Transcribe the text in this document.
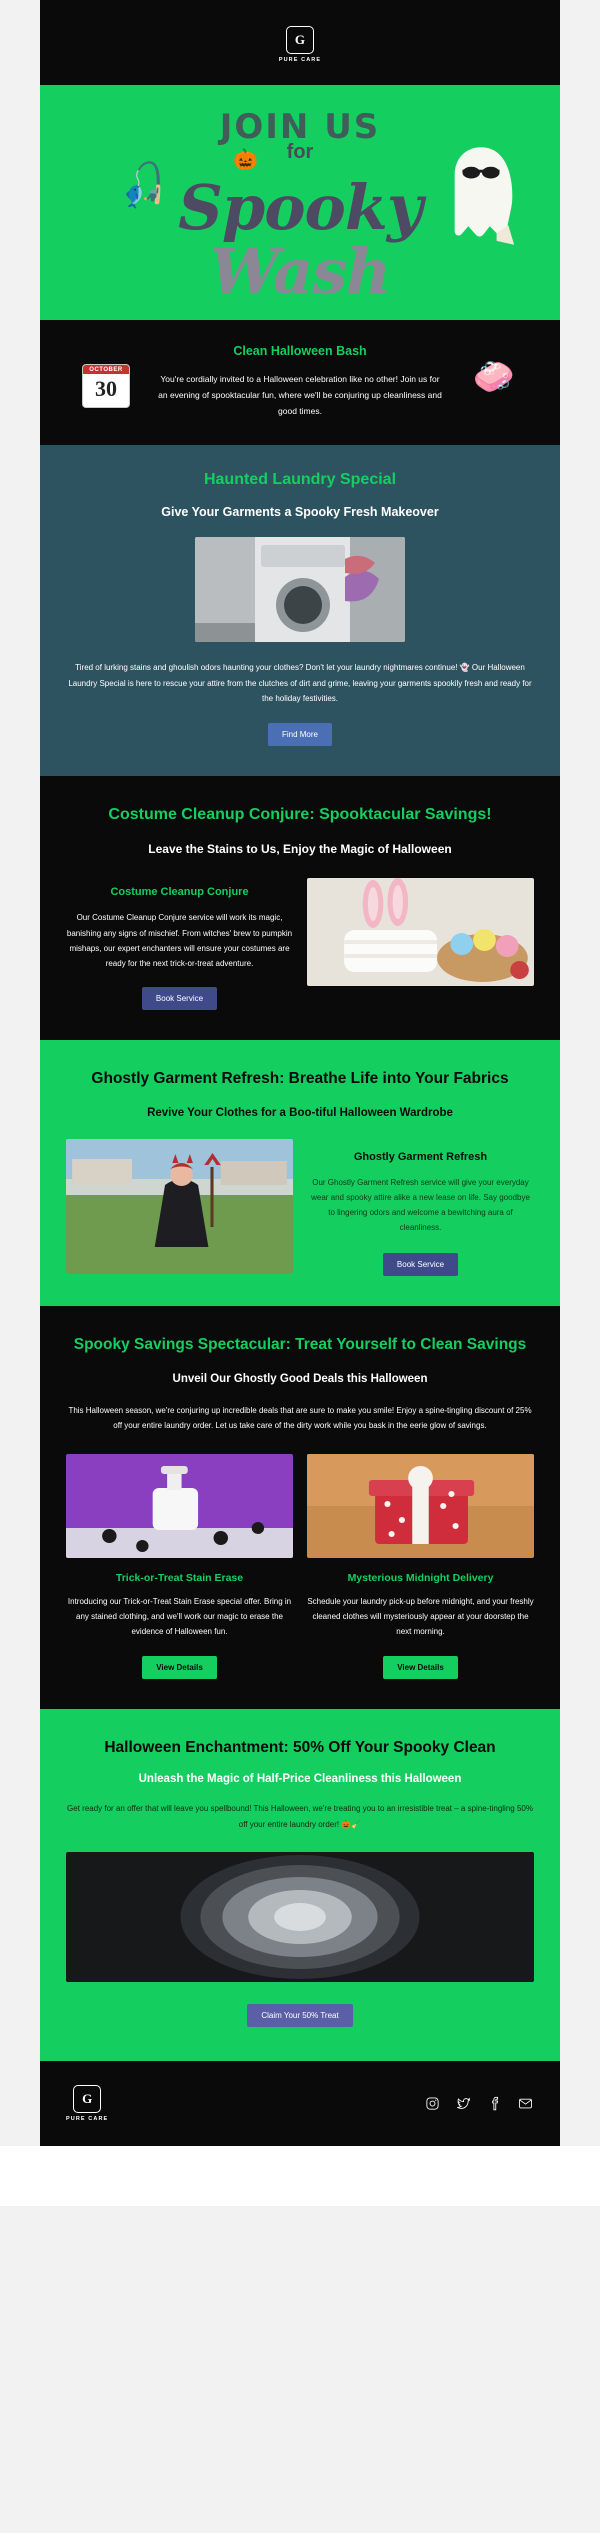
G
PURE CARE
JOIN US
for
🎣	🎃
Spooky
Wash
OCTOBER
30
Clean Halloween Bash
You're cordially invited to a Halloween celebration like no other! Join us for an evening of spooktacular fun, where we'll be conjuring up cleanliness and good times.
🧼
Haunted Laundry Special
Give Your Garments a Spooky Fresh Makeover

Tired of lurking stains and ghoulish odors haunting your clothes? Don't let your laundry nightmares continue! 👻 Our Halloween Laundry Special is here to rescue your attire from the clutches of dirt and grime, leaving your garments spookily fresh and ready for the holiday festivities.

Find More
Costume Cleanup Conjure: Spooktacular Savings!
Leave the Stains to Us, Enjoy the Magic of Halloween
Costume Cleanup Conjure

Our Costume Cleanup Conjure service will work its magic, banishing any signs of mischief. From witches' brew to pumpkin mishaps, our expert enchanters will ensure your costumes are ready for the next trick-or-treat adventure.

Book Service
Ghostly Garment Refresh: Breathe Life into Your Fabrics
Revive Your Clothes for a Boo-tiful Halloween Wardrobe
Ghostly Garment Refresh

Our Ghostly Garment Refresh service will give your everyday wear and spooky attire alike a new lease on life. Say goodbye to lingering odors and welcome a bewitching aura of cleanliness.

Book Service
Spooky Savings Spectacular: Treat Yourself to Clean Savings
Unveil Our Ghostly Good Deals this Halloween

This Halloween season, we're conjuring up incredible deals that are sure to make you smile! Enjoy a spine-tingling discount of 25% off your entire laundry order. Let us take care of the dirty work while you bask in the eerie glow of savings.

Trick-or-Treat Stain Erase

Introducing our Trick-or-Treat Stain Erase special offer. Bring in any stained clothing, and we'll work our magic to erase the evidence of Halloween fun.

View Details
Mysterious Midnight Delivery

Schedule your laundry pick-up before midnight, and your freshly cleaned clothes will mysteriously appear at your doorstep the next morning.

View Details
Halloween Enchantment: 50% Off Your Spooky Clean
Unleash the Magic of Half-Price Cleanliness this Halloween

Get ready for an offer that will leave you spellbound! This Halloween, we're treating you to an irresistible treat – a spine-tingling 50% off your entire laundry order! 🎃🧹

Claim Your 50% Treat
G
PURE CARE
